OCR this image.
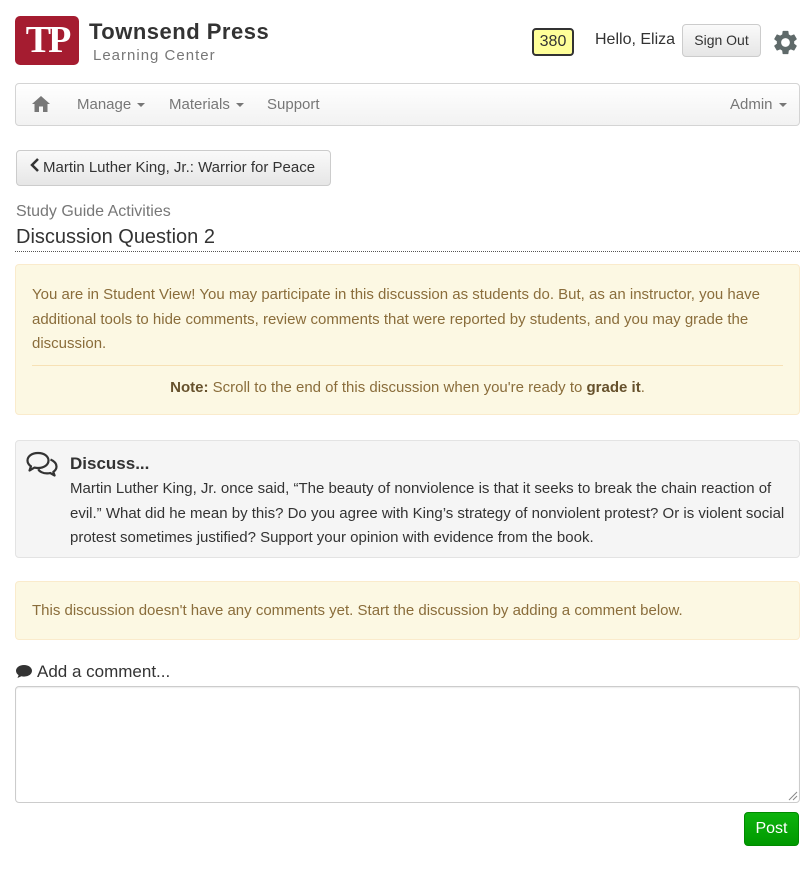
TP Townsend Press
Learning Center
380	Hello, Eliza	Sign Out
Manage	Materials	Support	Admin
Martin Luther King, Jr.: Warrior for Peace
Study Guide Activities
Discussion Question 2
You are in Student View! You may participate in this discussion as students do. But, as an instructor, you have additional tools to hide comments, review comments that were reported by students, and you may grade the discussion.
Note: Scroll to the end of this discussion when you're ready to grade it.
Discuss...
Martin Luther King, Jr. once said, “The beauty of nonviolence is that it seeks to break the chain reaction of evil.” What did he mean by this? Do you agree with King’s strategy of nonviolent protest? Or is violent social protest sometimes justified? Support your opinion with evidence from the book.
This discussion doesn't have any comments yet. Start the discussion by adding a comment below.
Add a comment...
Post
